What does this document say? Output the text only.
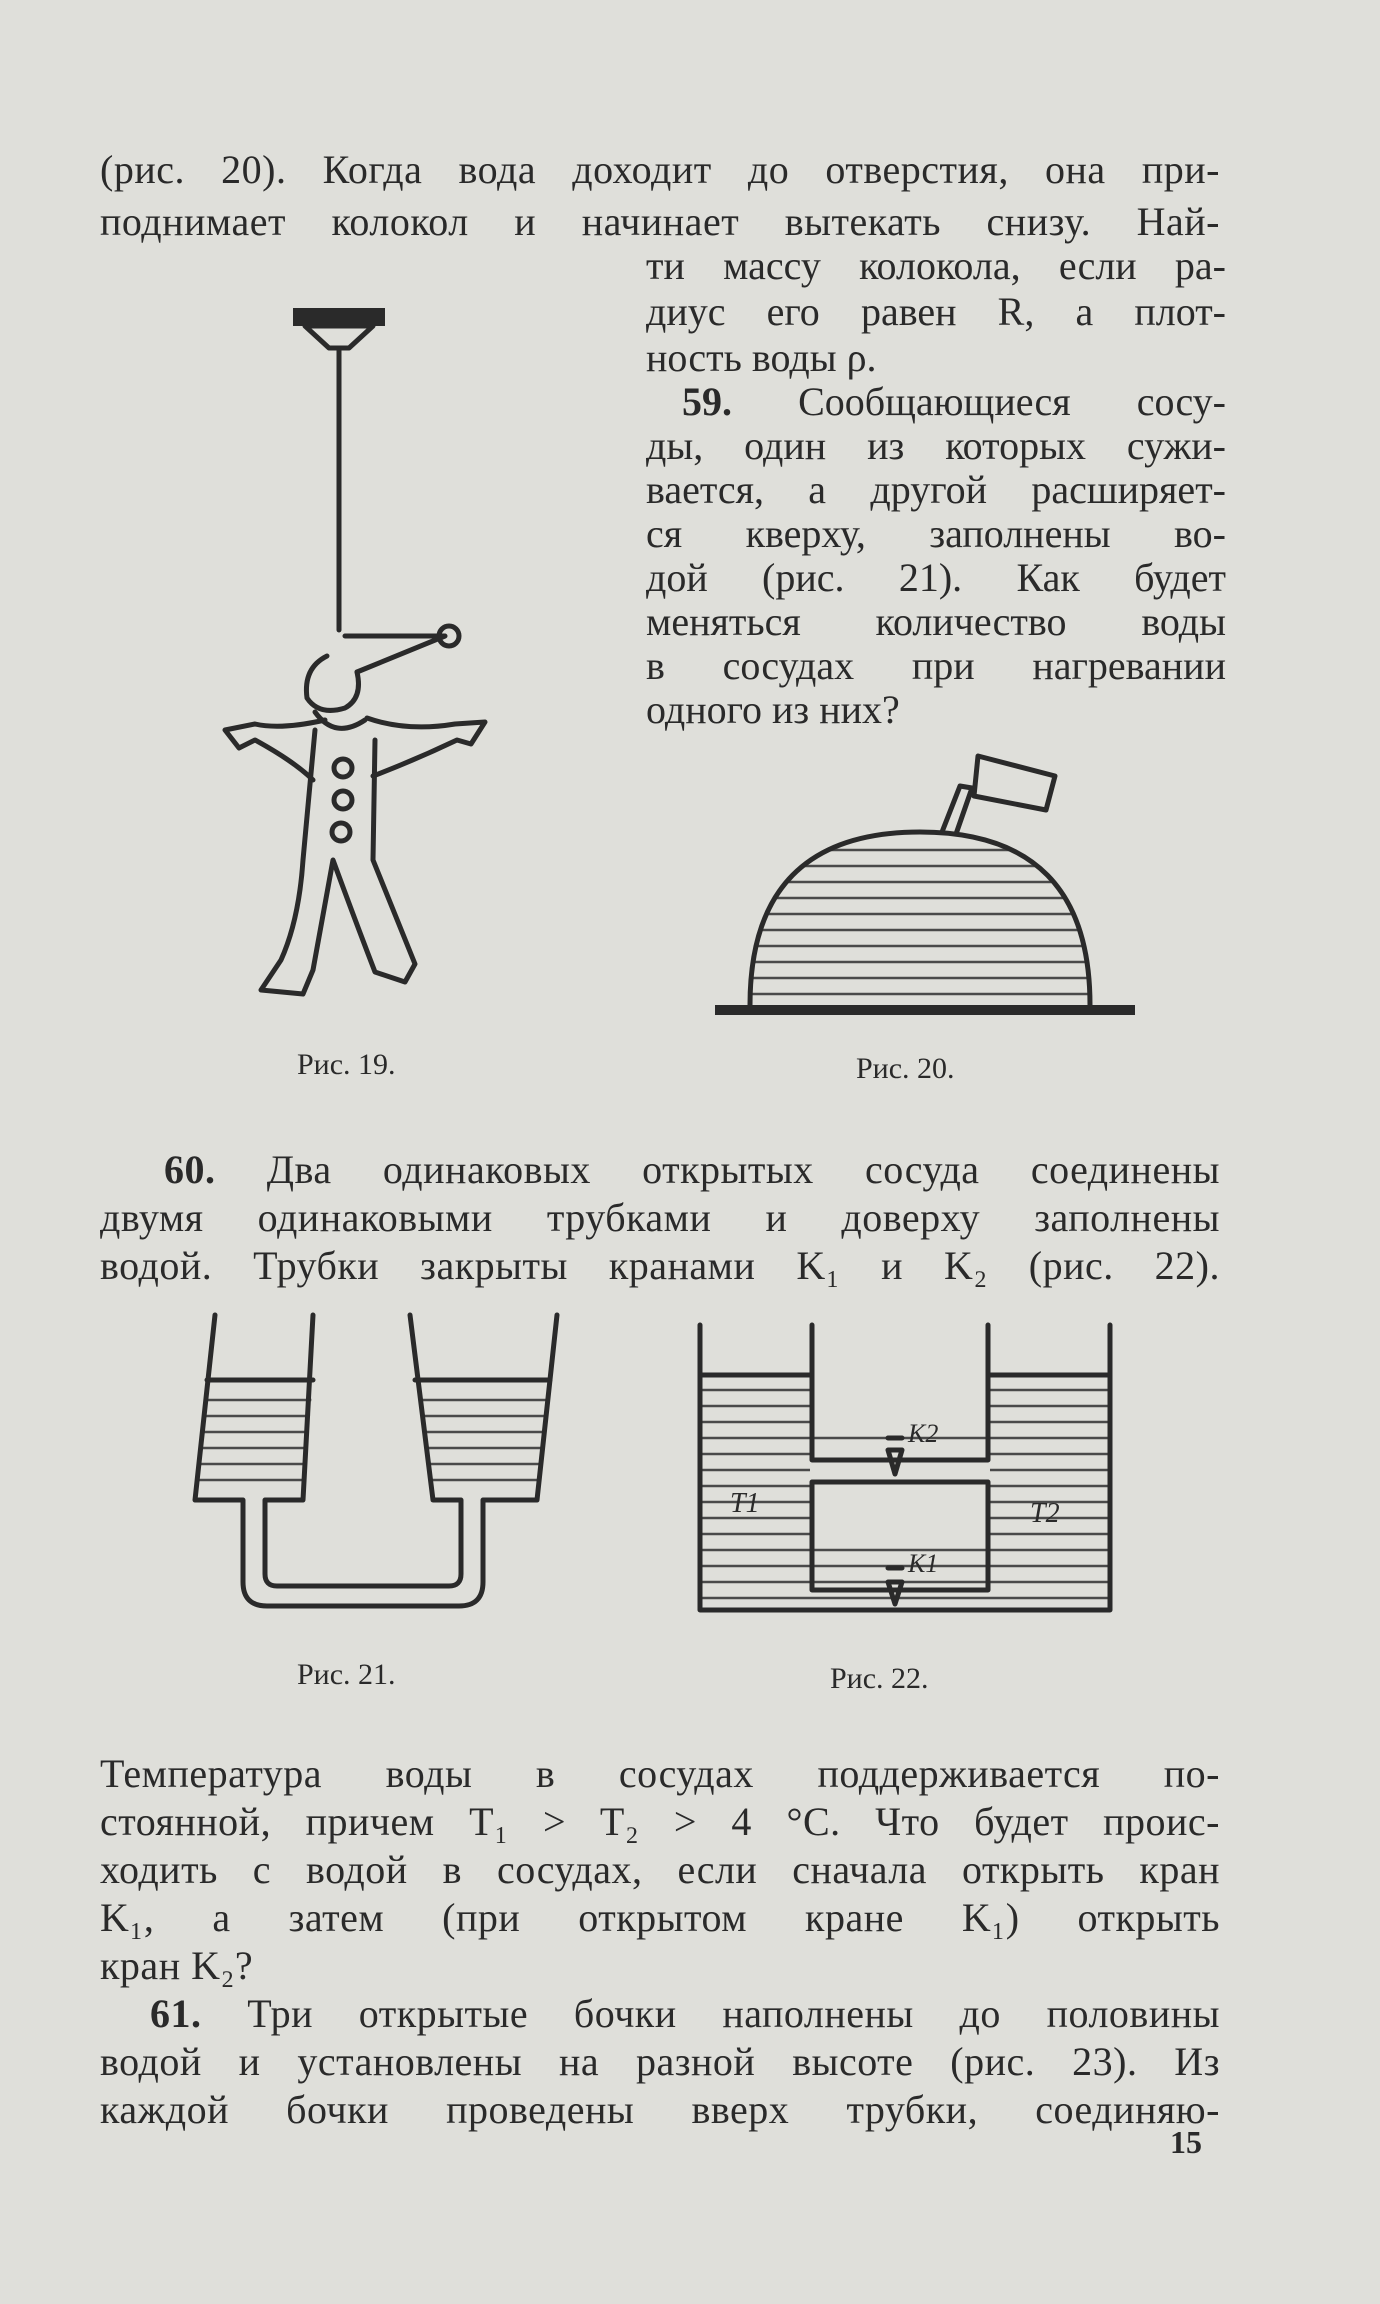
(рис. 20). Когда вода доходит до отверстия, она при-
поднимает колокол и начинает вытекать снизу. Най-
ти массу колокола, если ра-
диус его равен R, а плот-
ность воды ρ.
59. Сообщающиеся сосу-
ды, один из которых сужи-
вается, а другой расширяет-
ся кверху, заполнены во-
дой (рис. 21). Как будет
меняться количество воды
в сосудах при нагревании
одного из них?
Рис. 19.	Рис. 20.
60. Два одинаковых открытых сосуда соединены
двумя одинаковыми трубками и доверху заполнены
водой. Трубки закрыты кранами K₁ и K₂ (рис. 22).
K2
K1
T1	T2
Рис. 21.	Рис. 22.
Температура воды в сосудах поддерживается по-
стоянной, причем T₁ > T₂ > 4 °С. Что будет проис-
ходить с водой в сосудах, если сначала открыть кран
K₁, а затем (при открытом кране K₁) открыть
кран K₂?
61. Три открытые бочки наполнены до половины
водой и установлены на разной высоте (рис. 23). Из
каждой бочки проведены вверх трубки, соединяю-
15
